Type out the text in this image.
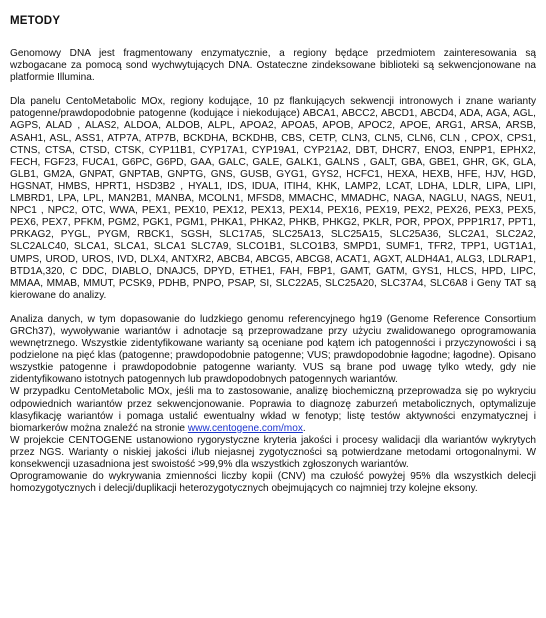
METODY

Genomowy DNA jest fragmentowany enzymatycznie, a regiony będące przedmiotem zainteresowania są wzbogacane za pomocą sond wychwytujących DNA. Ostateczne zindeksowane biblioteki są sekwencjonowane na platformie Illumina.

Dla panelu CentoMetabolic MOx, regiony kodujące, 10 pz flankujących sekwencji intronowych i znane warianty patogenne/prawdopodobnie patogenne (kodujące i niekodujące) ABCA1, ABCC2, ABCD1, ABCD4, ADA, AGA, AGL, AGPS, ALAD , ALAS2, ALDOA, ALDOB, ALPL, APOA2, APOA5, APOB, APOC2, APOE, ARG1, ARSA, ARSB, ASAH1, ASL, ASS1, ATP7A, ATP7B, BCKDHA, BCKDHB, CBS, CETP, CLN3, CLN5, CLN6, CLN , CPOX, CPS1, CTNS, CTSA, CTSD, CTSK, CYP11B1, CYP17A1, CYP19A1, CYP21A2, DBT, DHCR7, ENO3, ENPP1, EPHX2, FECH, FGF23, FUCA1, G6PC, G6PD, GAA, GALC, GALE, GALK1, GALNS , GALT, GBA, GBE1, GHR, GK, GLA, GLB1, GM2A, GNPAT, GNPTAB, GNPTG, GNS, GUSB, GYG1, GYS2, HCFC1, HEXA, HEXB, HFE, HJV, HGD, HGSNAT, HMBS, HPRT1, HSD3B2 , HYAL1, IDS, IDUA, ITIH4, KHK, LAMP2, LCAT, LDHA, LDLR, LIPA, LIPI, LMBRD1, LPA, LPL, MAN2B1, MANBA, MCOLN1, MFSD8, MMACHC, MMADHC, NAGA, NAGLU, NAGS, NEU1, NPC1 , NPC2, OTC, WWA, PEX1, PEX10, PEX12, PEX13, PEX14, PEX16, PEX19, PEX2, PEX26, PEX3, PEX5, PEX6, PEX7, PFKM, PGM2, PGK1, PGM1, PHKA1, PHKA2, PHKB, PHKG2, PKLR, POR, PPOX, PPP1R17, PPT1, PRKAG2, PYGL, PYGM, RBCK1, SGSH, SLC17A5, SLC25A13, SLC25A15, SLC25A36, SLC2A1, SLC2A2, SLC2ALC40, SLCA1, SLCA1, SLCA1 SLC7A9, SLCO1B1, SLCO1B3, SMPD1, SUMF1, TFR2, TPP1, UGT1A1, UMPS, UROD, UROS, IVD, DLX4, ANTXR2, ABCB4, ABCG5, ABCG8, ACAT1, AGXT, ALDH4A1, ALG3, LDLRAP1, BTD1A,320, C DDC, DIABLO, DNAJC5, DPYD, ETHE1, FAH, FBP1, GAMT, GATM, GYS1, HLCS, HPD, LIPC, MMAA, MMAB, MMUT, PCSK9, PDHB, PNPO, PSAP, SI, SLC22A5, SLC25A20, SLC37A4, SLC6A8 i Geny TAT są kierowane do analizy.

Analiza danych, w tym dopasowanie do ludzkiego genomu referencyjnego hg19 (Genome Reference Consortium GRCh37), wywoływanie wariantów i adnotacje są przeprowadzane przy użyciu zwalidowanego oprogramowania wewnętrznego. Wszystkie zidentyfikowane warianty są oceniane pod kątem ich patogenności i przyczynowości i są podzielone na pięć klas (patogenne; prawdopodobnie patogenne; VUS; prawdopodobnie łagodne; łagodne). Opisano wszystkie patogenne i prawdopodobnie patogenne warianty. VUS są brane pod uwagę tylko wtedy, gdy nie zidentyfikowano istotnych patogennych lub prawdopodobnych patogennych wariantów.

W przypadku CentoMetabolic MOx, jeśli ma to zastosowanie, analizę biochemiczną przeprowadza się po wykryciu odpowiednich wariantów przez sekwencjonowanie. Poprawia to diagnozę zaburzeń metabolicznych, optymalizuje klasyfikację wariantów i pomaga ustalić ewentualny wkład w fenotyp; listę testów aktywności enzymatycznej i biomarkerów można znaleźć na stronie www.centogene.com/mox.

W projekcie CENTOGENE ustanowiono rygorystyczne kryteria jakości i procesy walidacji dla wariantów wykrytych przez NGS. Warianty o niskiej jakości i/lub niejasnej zygotyczności są potwierdzane metodami ortogonalnymi. W konsekwencji uzasadniona jest swoistość >99,9% dla wszystkich zgłoszonych wariantów.

Oprogramowanie do wykrywania zmienności liczby kopii (CNV) ma czułość powyżej 95% dla wszystkich delecji homozygotycznych i delecji/duplikacji heterozygotycznych obejmujących co najmniej trzy kolejne eksony.
